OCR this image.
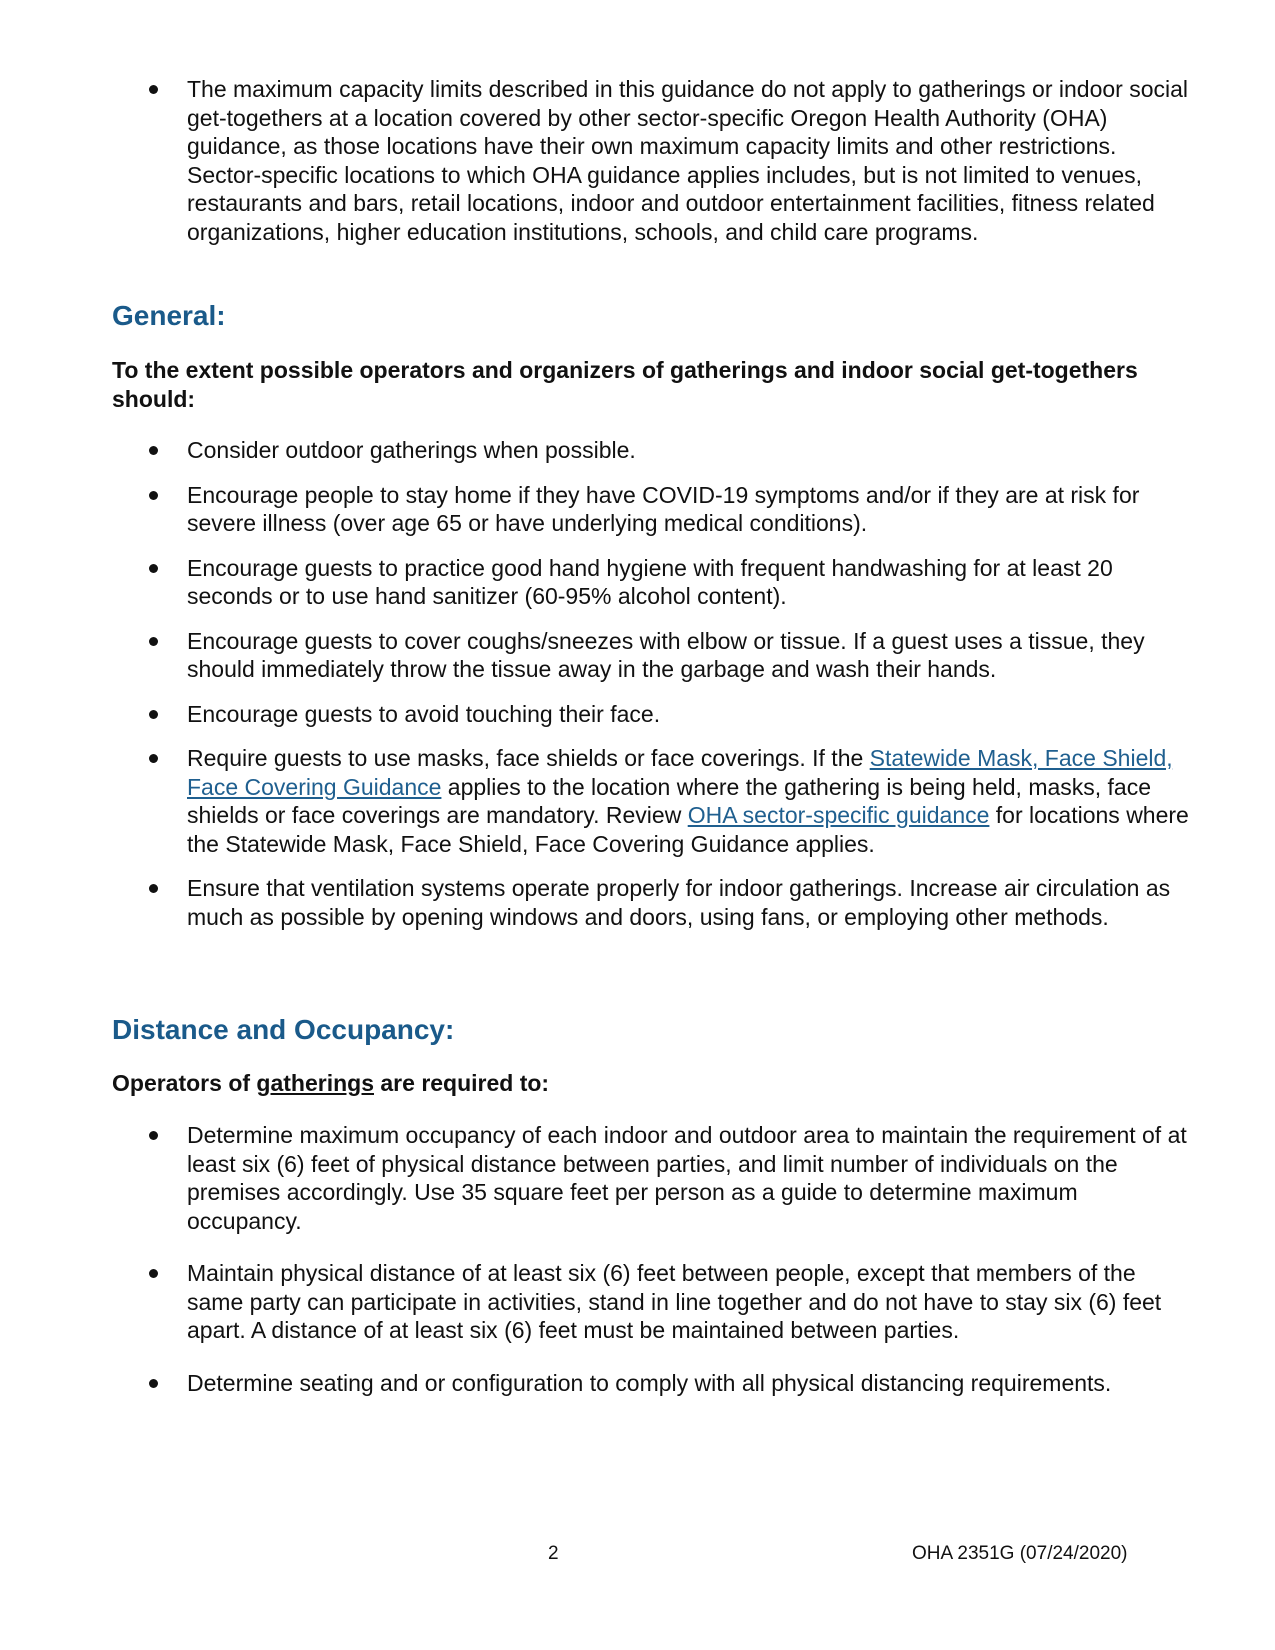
The maximum capacity limits described in this guidance do not apply to gatherings or indoor social get-togethers at a location covered by other sector-specific Oregon Health Authority (OHA) guidance, as those locations have their own maximum capacity limits and other restrictions. Sector-specific locations to which OHA guidance applies includes, but is not limited to venues, restaurants and bars, retail locations, indoor and outdoor entertainment facilities, fitness related organizations, higher education institutions, schools, and child care programs.
General:

To the extent possible operators and organizers of gatherings and indoor social get-togethers should:

Consider outdoor gatherings when possible.
Encourage people to stay home if they have COVID-19 symptoms and/or if they are at risk for severe illness (over age 65 or have underlying medical conditions).
Encourage guests to practice good hand hygiene with frequent handwashing for at least 20 seconds or to use hand sanitizer (60-95% alcohol content).
Encourage guests to cover coughs/sneezes with elbow or tissue. If a guest uses a tissue, they should immediately throw the tissue away in the garbage and wash their hands.
Encourage guests to avoid touching their face.
Require guests to use masks, face shields or face coverings. If the Statewide Mask, Face Shield, Face Covering Guidance applies to the location where the gathering is being held, masks, face shields or face coverings are mandatory. Review OHA sector-specific guidance for locations where the Statewide Mask, Face Shield, Face Covering Guidance applies.
Ensure that ventilation systems operate properly for indoor gatherings. Increase air circulation as much as possible by opening windows and doors, using fans, or employing other methods.
Distance and Occupancy:

Operators of gatherings are required to:

Determine maximum occupancy of each indoor and outdoor area to maintain the requirement of at least six (6) feet of physical distance between parties, and limit number of individuals on the premises accordingly. Use 35 square feet per person as a guide to determine maximum occupancy.
Maintain physical distance of at least six (6) feet between people, except that members of the same party can participate in activities, stand in line together and do not have to stay six (6) feet apart. A distance of at least six (6) feet must be maintained between parties.
Determine seating and or configuration to comply with all physical distancing requirements.
2	OHA 2351G (07/24/2020)
